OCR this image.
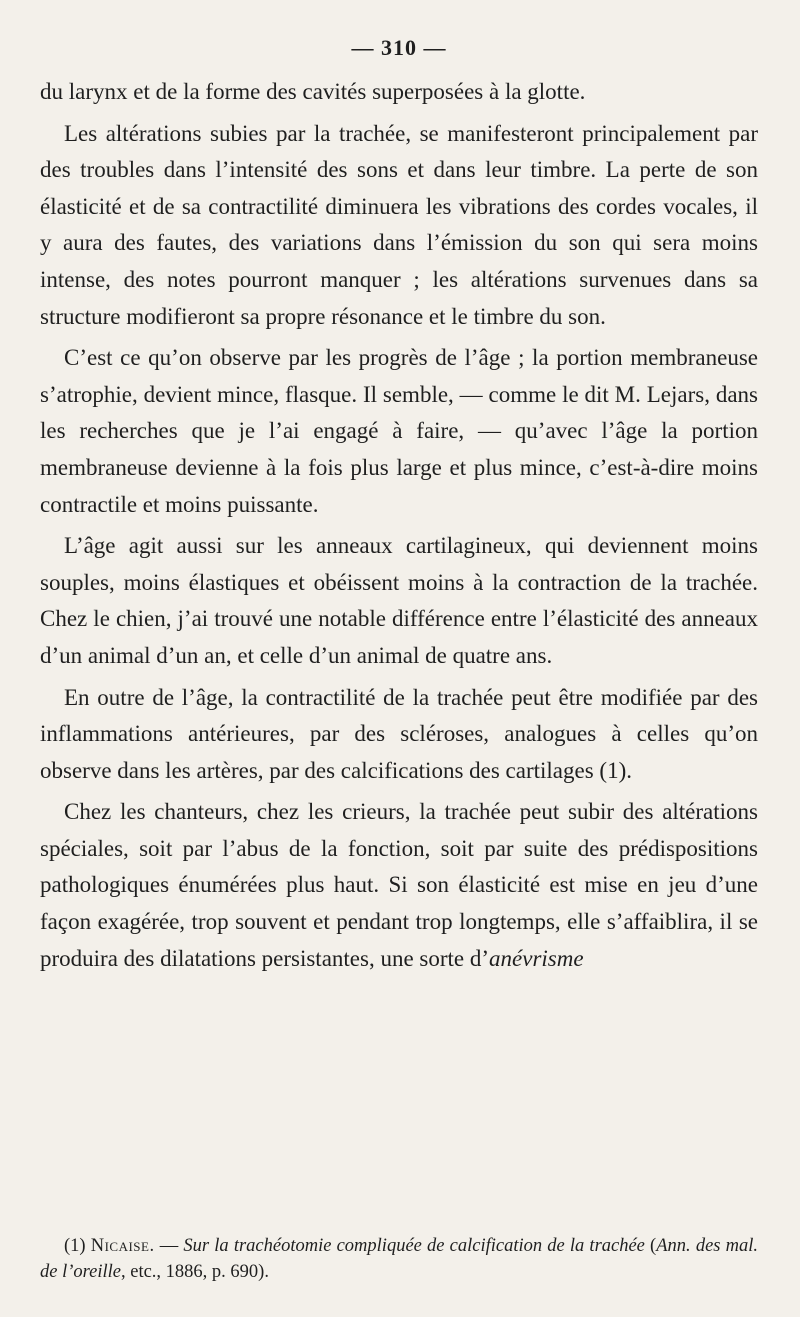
— 310 —

du larynx et de la forme des cavités superposées à la glotte.

Les altérations subies par la trachée, se manifesteront principalement par des troubles dans l’intensité des sons et dans leur timbre. La perte de son élasticité et de sa contractilité diminuera les vibrations des cordes vocales, il y aura des fautes, des variations dans l’émission du son qui sera moins intense, des notes pourront manquer ; les altérations survenues dans sa structure modifieront sa propre résonance et le timbre du son.

C’est ce qu’on observe par les progrès de l’âge ; la portion membraneuse s’atrophie, devient mince, flasque. Il semble, — comme le dit M. Lejars, dans les recherches que je l’ai engagé à faire, — qu’avec l’âge la portion membraneuse devienne à la fois plus large et plus mince, c’est-à-dire moins contractile et moins puissante.

L’âge agit aussi sur les anneaux cartilagineux, qui deviennent moins souples, moins élastiques et obéissent moins à la contraction de la trachée. Chez le chien, j’ai trouvé une notable différence entre l’élasticité des anneaux d’un animal d’un an, et celle d’un animal de quatre ans.

En outre de l’âge, la contractilité de la trachée peut être modifiée par des inflammations antérieures, par des scléroses, analogues à celles qu’on observe dans les artères, par des calcifications des cartilages (1).

Chez les chanteurs, chez les crieurs, la trachée peut subir des altérations spéciales, soit par l’abus de la fonction, soit par suite des prédispositions pathologiques énumérées plus haut. Si son élasticité est mise en jeu d’une façon exagérée, trop souvent et pendant trop longtemps, elle s’affaiblira, il se produira des dilatations persistantes, une sorte d’anévrisme

(1) Nicaise. — Sur la trachéotomie compliquée de calcification de la trachée (Ann. des mal. de l’oreille, etc., 1886, p. 690).
